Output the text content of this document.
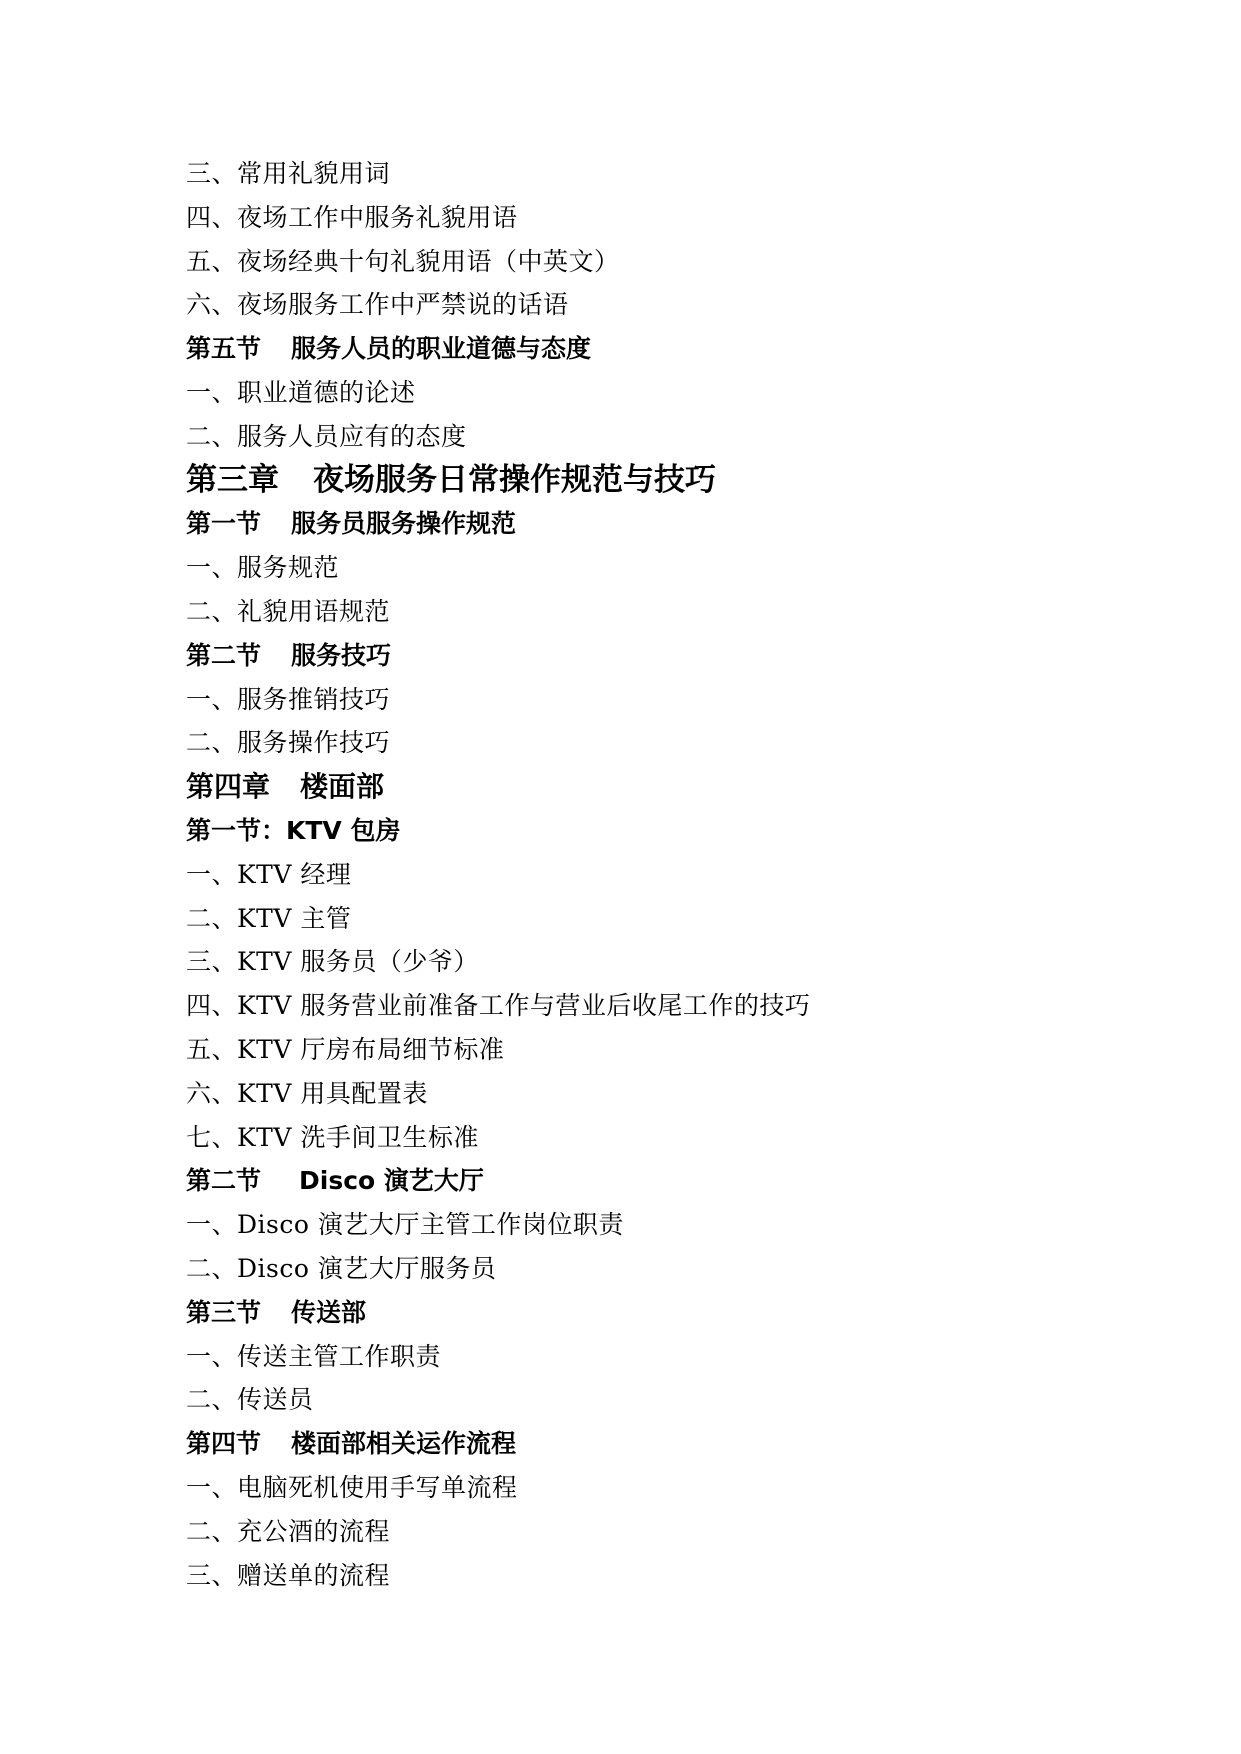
三、常用礼貌用词

四、夜场工作中服务礼貌用语

五、夜场经典十句礼貌用语（中英文）

六、夜场服务工作中严禁说的话语

第五节 服务人员的职业道德与态度

一、职业道德的论述

二、服务人员应有的态度

第三章 夜场服务日常操作规范与技巧

第一节 服务员服务操作规范

一、服务规范

二、礼貌用语规范

第二节 服务技巧

一、服务推销技巧

二、服务操作技巧

第四章 楼面部

第一节：KTV 包房

一、KTV 经理

二、KTV 主管

三、KTV 服务员（少爷）

四、KTV 服务营业前准备工作与营业后收尾工作的技巧

五、KTV 厅房布局细节标准

六、KTV 用具配置表

七、KTV 洗手间卫生标准

第二节 Disco 演艺大厅

一、Disco 演艺大厅主管工作岗位职责

二、Disco 演艺大厅服务员

第三节 传送部

一、传送主管工作职责

二、传送员

第四节 楼面部相关运作流程

一、电脑死机使用手写单流程

二、充公酒的流程

三、赠送单的流程
